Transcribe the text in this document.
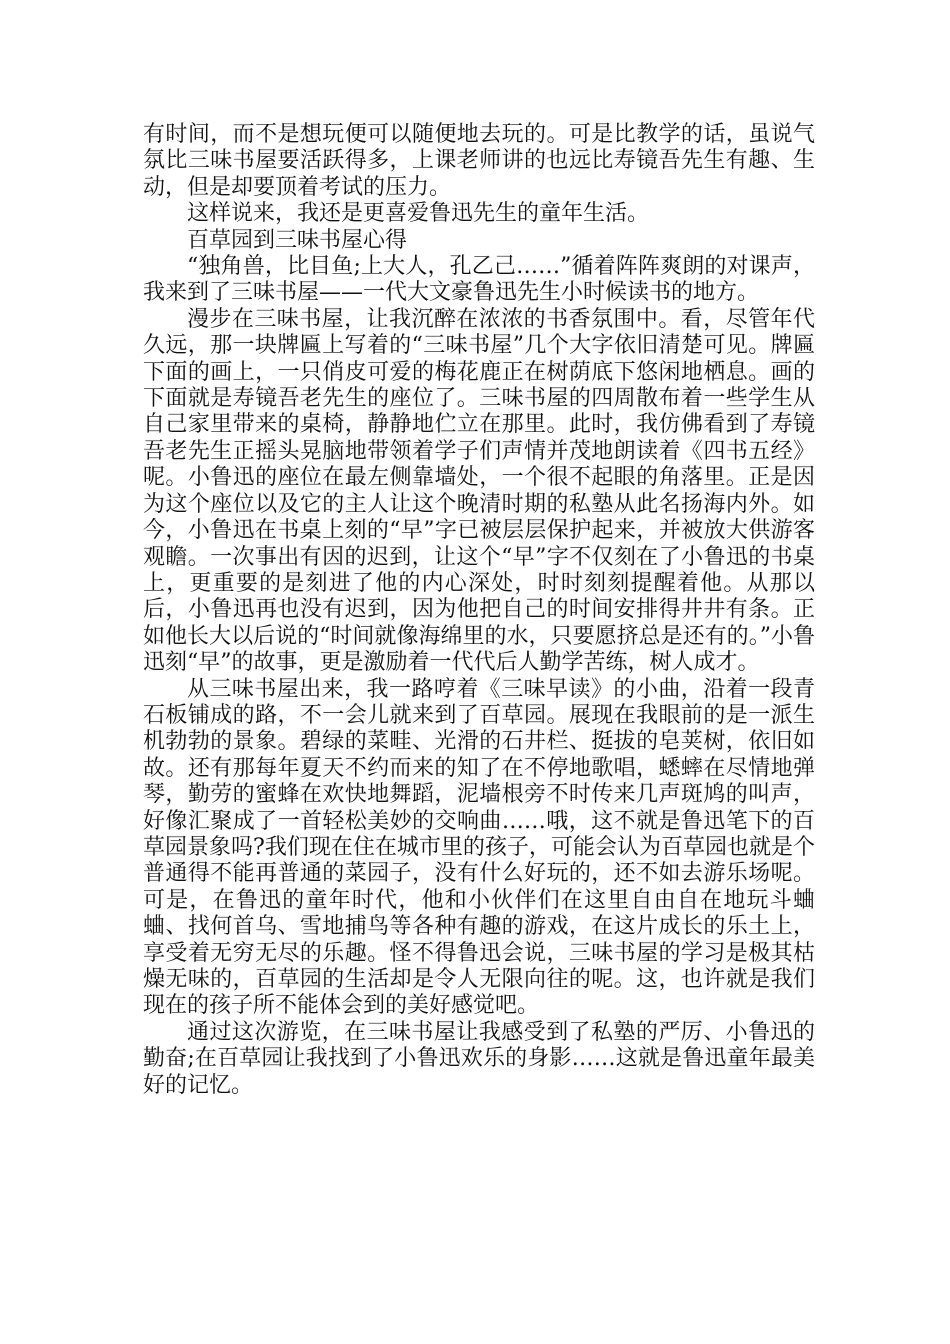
有时间，而不是想玩便可以随便地去玩的。可是比教学的话，虽说气氛比三味书屋要活跃得多，上课老师讲的也远比寿镜吾先生有趣、生动，但是却要顶着考试的压力。

这样说来，我还是更喜爱鲁迅先生的童年生活。

百草园到三味书屋心得

“独角兽，比目鱼;上大人，孔乙己……”循着阵阵爽朗的对课声，我来到了三味书屋——一代大文豪鲁迅先生小时候读书的地方。

漫步在三味书屋，让我沉醉在浓浓的书香氛围中。看，尽管年代久远，那一块牌匾上写着的“三味书屋”几个大字依旧清楚可见。牌匾下面的画上，一只俏皮可爱的梅花鹿正在树荫底下悠闲地栖息。画的下面就是寿镜吾老先生的座位了。三味书屋的四周散布着一些学生从自己家里带来的桌椅，静静地伫立在那里。此时，我仿佛看到了寿镜吾老先生正摇头晃脑地带领着学子们声情并茂地朗读着《四书五经》呢。小鲁迅的座位在最左侧靠墙处，一个很不起眼的角落里。正是因为这个座位以及它的主人让这个晚清时期的私塾从此名扬海内外。如今，小鲁迅在书桌上刻的“早”字已被层层保护起来，并被放大供游客观瞻。一次事出有因的迟到，让这个“早”字不仅刻在了小鲁迅的书桌上，更重要的是刻进了他的内心深处，时时刻刻提醒着他。从那以后，小鲁迅再也没有迟到，因为他把自己的时间安排得井井有条。正如他长大以后说的“时间就像海绵里的水，只要愿挤总是还有的。”小鲁迅刻“早”的故事，更是激励着一代代后人勤学苦练，树人成才。

从三味书屋出来，我一路哼着《三味早读》的小曲，沿着一段青石板铺成的路，不一会儿就来到了百草园。展现在我眼前的是一派生机勃勃的景象。碧绿的菜畦、光滑的石井栏、挺拔的皂荚树，依旧如故。还有那每年夏天不约而来的知了在不停地歌唱，蟋蟀在尽情地弹琴，勤劳的蜜蜂在欢快地舞蹈，泥墙根旁不时传来几声斑鸠的叫声，好像汇聚成了一首轻松美妙的交响曲……哦，这不就是鲁迅笔下的百草园景象吗?我们现在住在城市里的孩子，可能会认为百草园也就是个普通得不能再普通的菜园子，没有什么好玩的，还不如去游乐场呢。可是，在鲁迅的童年时代，他和小伙伴们在这里自由自在地玩斗蛐蛐、找何首乌、雪地捕鸟等各种有趣的游戏，在这片成长的乐土上，享受着无穷无尽的乐趣。怪不得鲁迅会说，三味书屋的学习是极其枯燥无味的，百草园的生活却是令人无限向往的呢。这，也许就是我们现在的孩子所不能体会到的美好感觉吧。

通过这次游览，在三味书屋让我感受到了私塾的严厉、小鲁迅的勤奋;在百草园让我找到了小鲁迅欢乐的身影……这就是鲁迅童年最美好的记忆。
